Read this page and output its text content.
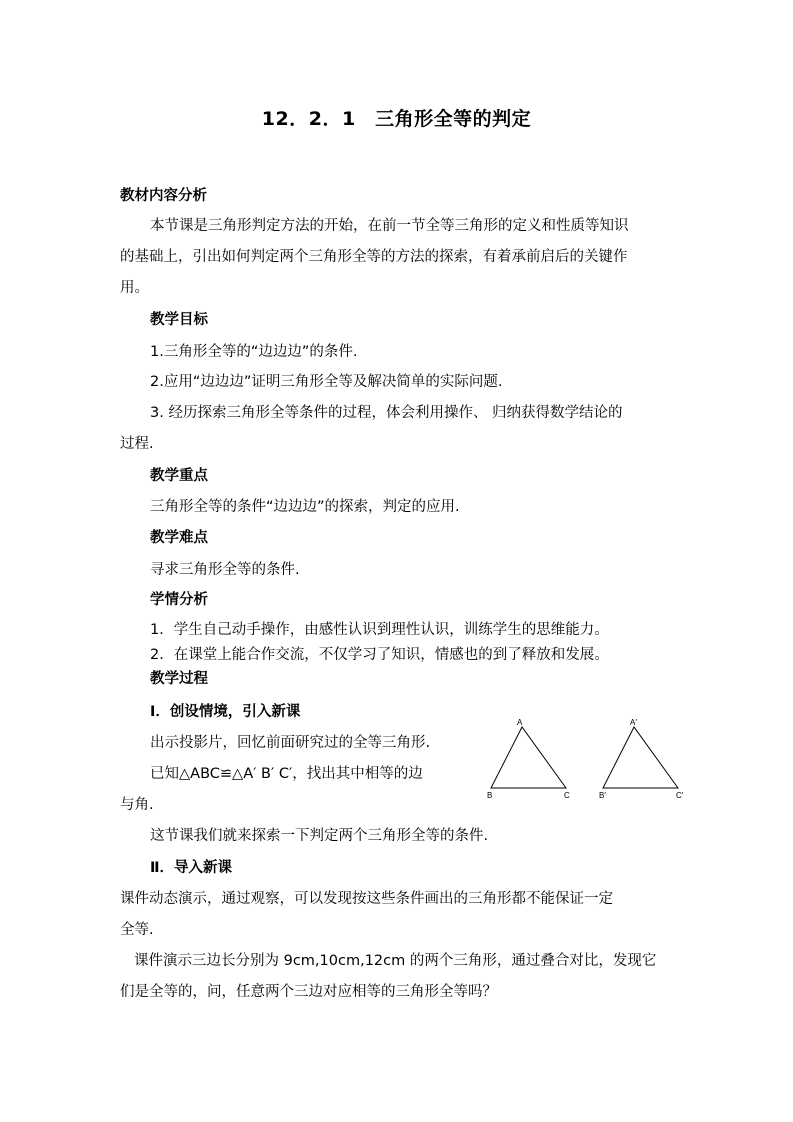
12．2．1　三角形全等的判定
教材内容分析
本节课是三角形判定方法的开始，在前一节全等三角形的定义和性质等知识
的基础上，引出如何判定两个三角形全等的方法的探索，有着承前启后的关键作
用。
教学目标
1.三角形全等的“边边边”的条件.
2.应用“边边边”证明三角形全等及解决简单的实际问题.
3. 经历探索三角形全等条件的过程，体会利用操作、 归纳获得数学结论的
过程.
教学重点
三角形全等的条件“边边边”的探索，判定的应用.
教学难点
寻求三角形全等的条件.
学情分析
1．学生自己动手操作，由感性认识到理性认识，训练学生的思维能力。
2．在课堂上能合作交流，不仅学习了知识，情感也的到了释放和发展。
教学过程
Ⅰ．创设情境，引入新课
出示投影片，回忆前面研究过的全等三角形.
已知△ABC≌△A′ B′ C′，找出其中相等的边
与角.
这节课我们就来探索一下判定两个三角形全等的条件.
Ⅱ．导入新课
课件动态演示，通过观察，可以发现按这些条件画出的三角形都不能保证一定
全等.
课件演示三边长分别为 9cm,10cm,12cm 的两个三角形，通过叠合对比，发现它
们是全等的，问，任意两个三边对应相等的三角形全等吗？
A
B	C
A′
B′	C′
